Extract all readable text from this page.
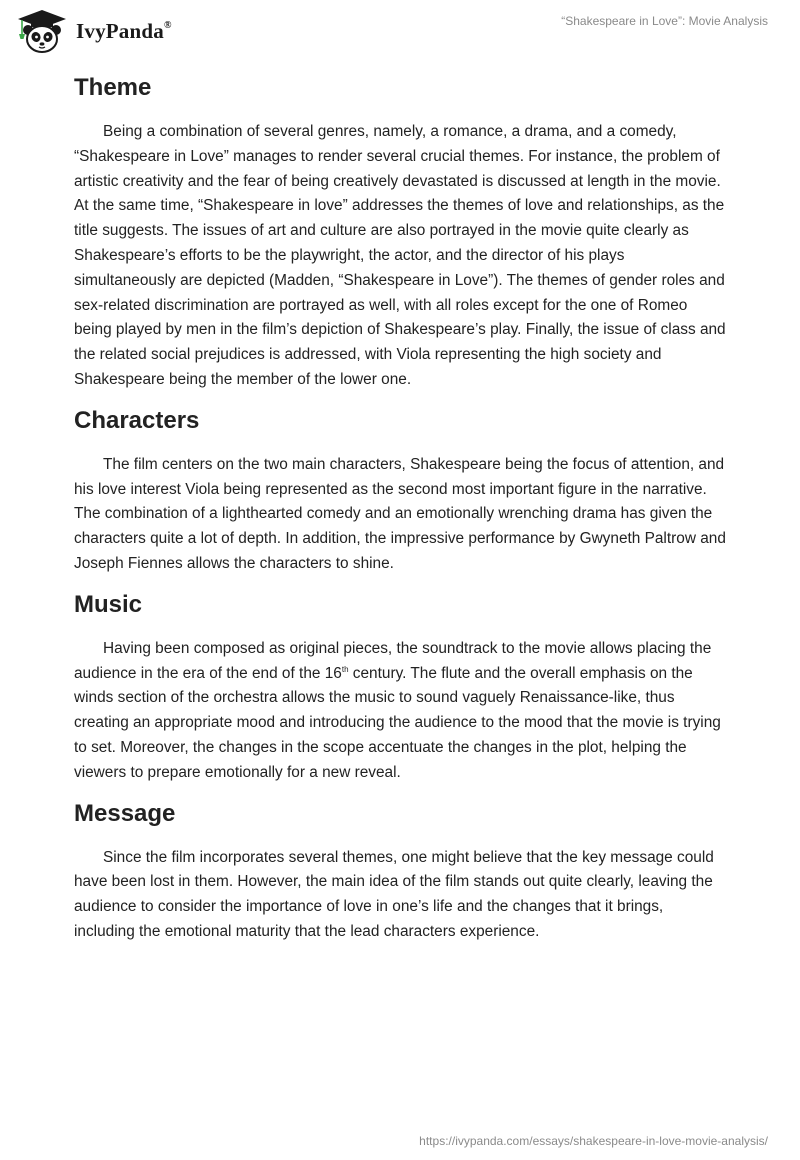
IvyPanda®	“Shakespeare in Love”: Movie Analysis
Theme

Being a combination of several genres, namely, a romance, a drama, and a comedy, “Shakespeare in Love” manages to render several crucial themes. For instance, the problem of artistic creativity and the fear of being creatively devastated is discussed at length in the movie. At the same time, “Shakespeare in love” addresses the themes of love and relationships, as the title suggests. The issues of art and culture are also portrayed in the movie quite clearly as Shakespeare’s efforts to be the playwright, the actor, and the director of his plays simultaneously are depicted (Madden, “Shakespeare in Love”). The themes of gender roles and sex-related discrimination are portrayed as well, with all roles except for the one of Romeo being played by men in the film’s depiction of Shakespeare’s play. Finally, the issue of class and the related social prejudices is addressed, with Viola representing the high society and Shakespeare being the member of the lower one.

Characters

The film centers on the two main characters, Shakespeare being the focus of attention, and his love interest Viola being represented as the second most important figure in the narrative. The combination of a lighthearted comedy and an emotionally wrenching drama has given the characters quite a lot of depth. In addition, the impressive performance by Gwyneth Paltrow and Joseph Fiennes allows the characters to shine.

Music

Having been composed as original pieces, the soundtrack to the movie allows placing the audience in the era of the end of the 16th century. The flute and the overall emphasis on the winds section of the orchestra allows the music to sound vaguely Renaissance-like, thus creating an appropriate mood and introducing the audience to the mood that the movie is trying to set. Moreover, the changes in the scope accentuate the changes in the plot, helping the viewers to prepare emotionally for a new reveal.

Message

Since the film incorporates several themes, one might believe that the key message could have been lost in them. However, the main idea of the film stands out quite clearly, leaving the audience to consider the importance of love in one’s life and the changes that it brings, including the emotional maturity that the lead characters experience.

https://ivypanda.com/essays/shakespeare-in-love-movie-analysis/
